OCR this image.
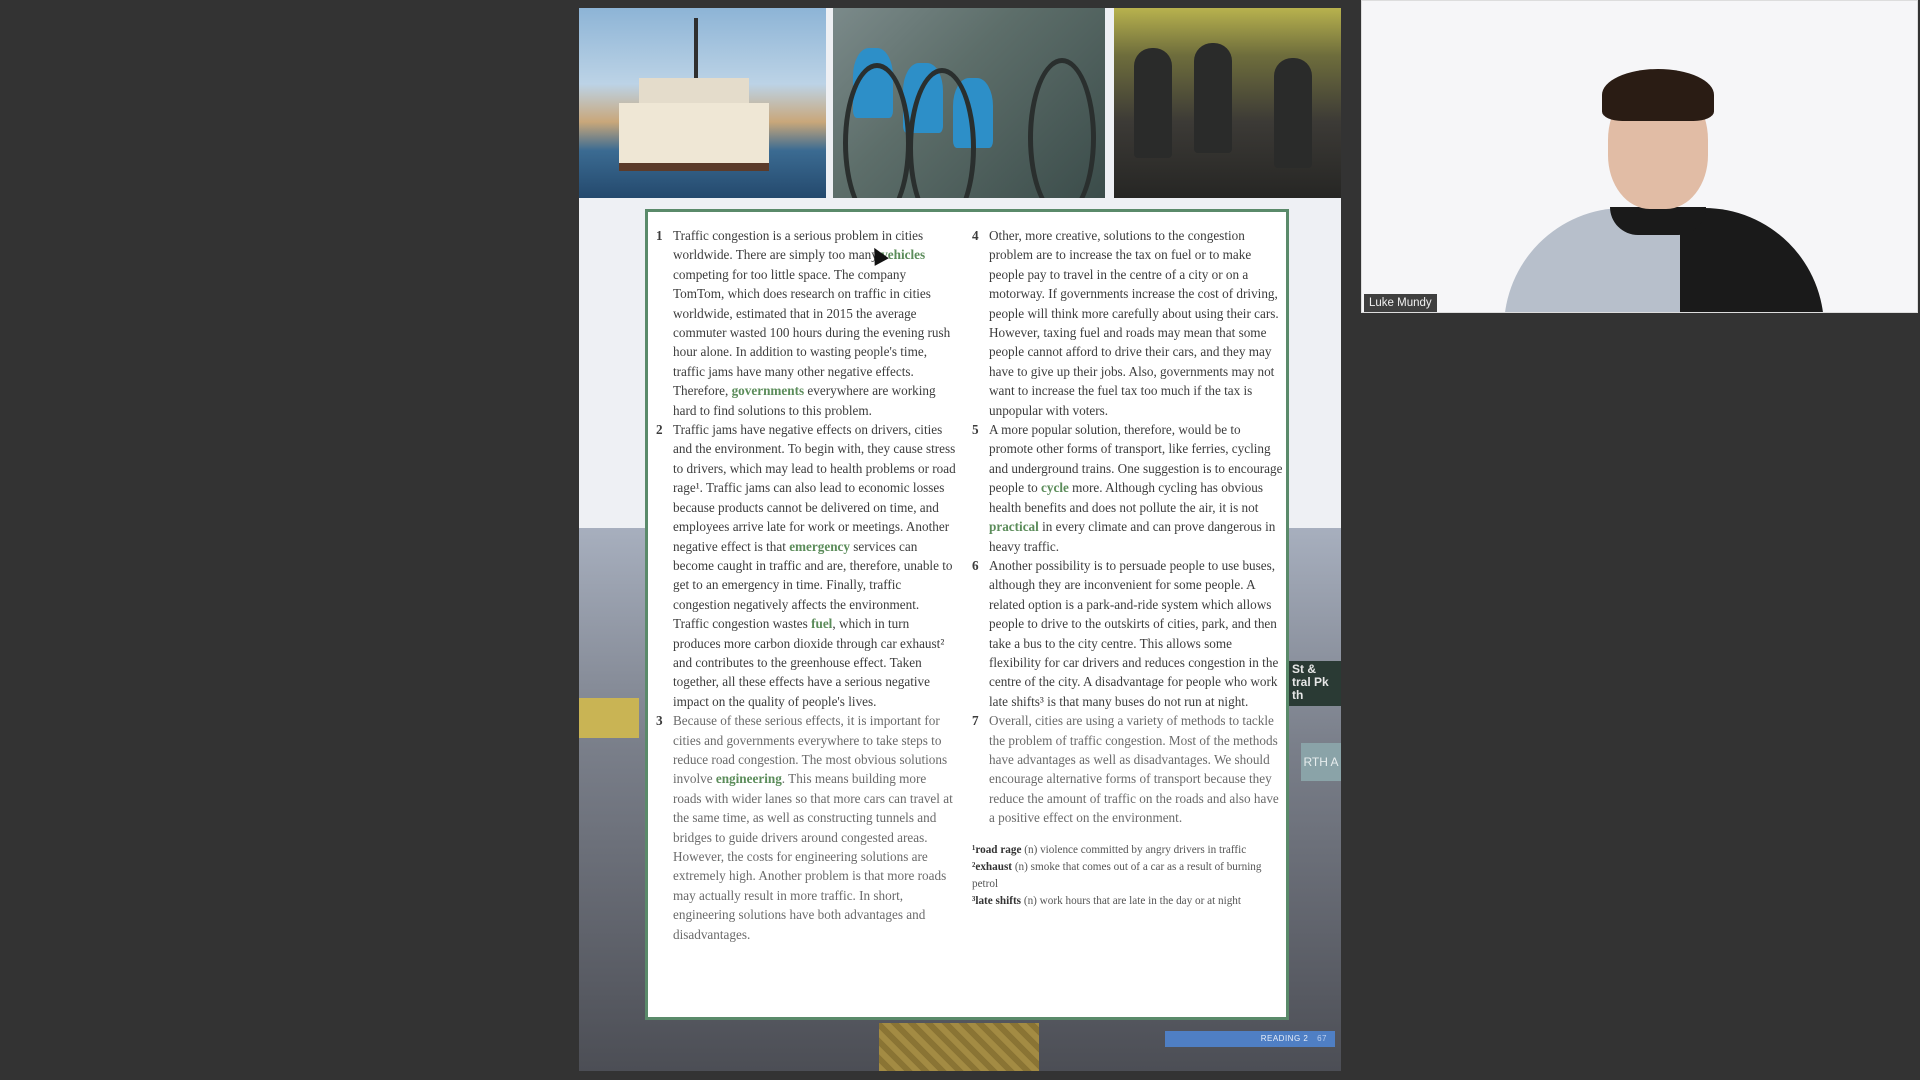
St &
tral Pk
th
RTH A
1 Traffic congestion is a serious problem in cities worldwide. There are simply too many vehicles competing for too little space. The company TomTom, which does research on traffic in cities worldwide, estimated that in 2015 the average commuter wasted 100 hours during the evening rush hour alone. In addition to wasting people's time, traffic jams have many other negative effects. Therefore, governments everywhere are working hard to find solutions to this problem.
2 Traffic jams have negative effects on drivers, cities and the environment. To begin with, they cause stress to drivers, which may lead to health problems or road rage¹. Traffic jams can also lead to economic losses because products cannot be delivered on time, and employees arrive late for work or meetings. Another negative effect is that emergency services can become caught in traffic and are, therefore, unable to get to an emergency in time. Finally, traffic congestion negatively affects the environment. Traffic congestion wastes fuel, which in turn produces more carbon dioxide through car exhaust² and contributes to the greenhouse effect. Taken together, all these effects have a serious negative impact on the quality of people's lives.
3 Because of these serious effects, it is important for cities and governments everywhere to take steps to reduce road congestion. The most obvious solutions involve engineering. This means building more roads with wider lanes so that more cars can travel at the same time, as well as constructing tunnels and bridges to guide drivers around congested areas. However, the costs for engineering solutions are extremely high. Another problem is that more roads may actually result in more traffic. In short, engineering solutions have both advantages and disadvantages.
4 Other, more creative, solutions to the congestion problem are to increase the tax on fuel or to make people pay to travel in the centre of a city or on a motorway. If governments increase the cost of driving, people will think more carefully about using their cars. However, taxing fuel and roads may mean that some people cannot afford to drive their cars, and they may have to give up their jobs. Also, governments may not want to increase the fuel tax too much if the tax is unpopular with voters.
5 A more popular solution, therefore, would be to promote other forms of transport, like ferries, cycling and underground trains. One suggestion is to encourage people to cycle more. Although cycling has obvious health benefits and does not pollute the air, it is not practical in every climate and can prove dangerous in heavy traffic.
6 Another possibility is to persuade people to use buses, although they are inconvenient for some people. A related option is a park-and-ride system which allows people to drive to the outskirts of cities, park, and then take a bus to the city centre. This allows some flexibility for car drivers and reduces congestion in the centre of the city. A disadvantage for people who work late shifts³ is that many buses do not run at night.
7 Overall, cities are using a variety of methods to tackle the problem of traffic congestion. Most of the methods have advantages as well as disadvantages. We should encourage alternative forms of transport because they reduce the amount of traffic on the roads and also have a positive effect on the environment.
¹road rage (n) violence committed by angry drivers in traffic
²exhaust (n) smoke that comes out of a car as a result of burning petrol
³late shifts (n) work hours that are late in the day or at night
READING 2 67
Luke Mundy
